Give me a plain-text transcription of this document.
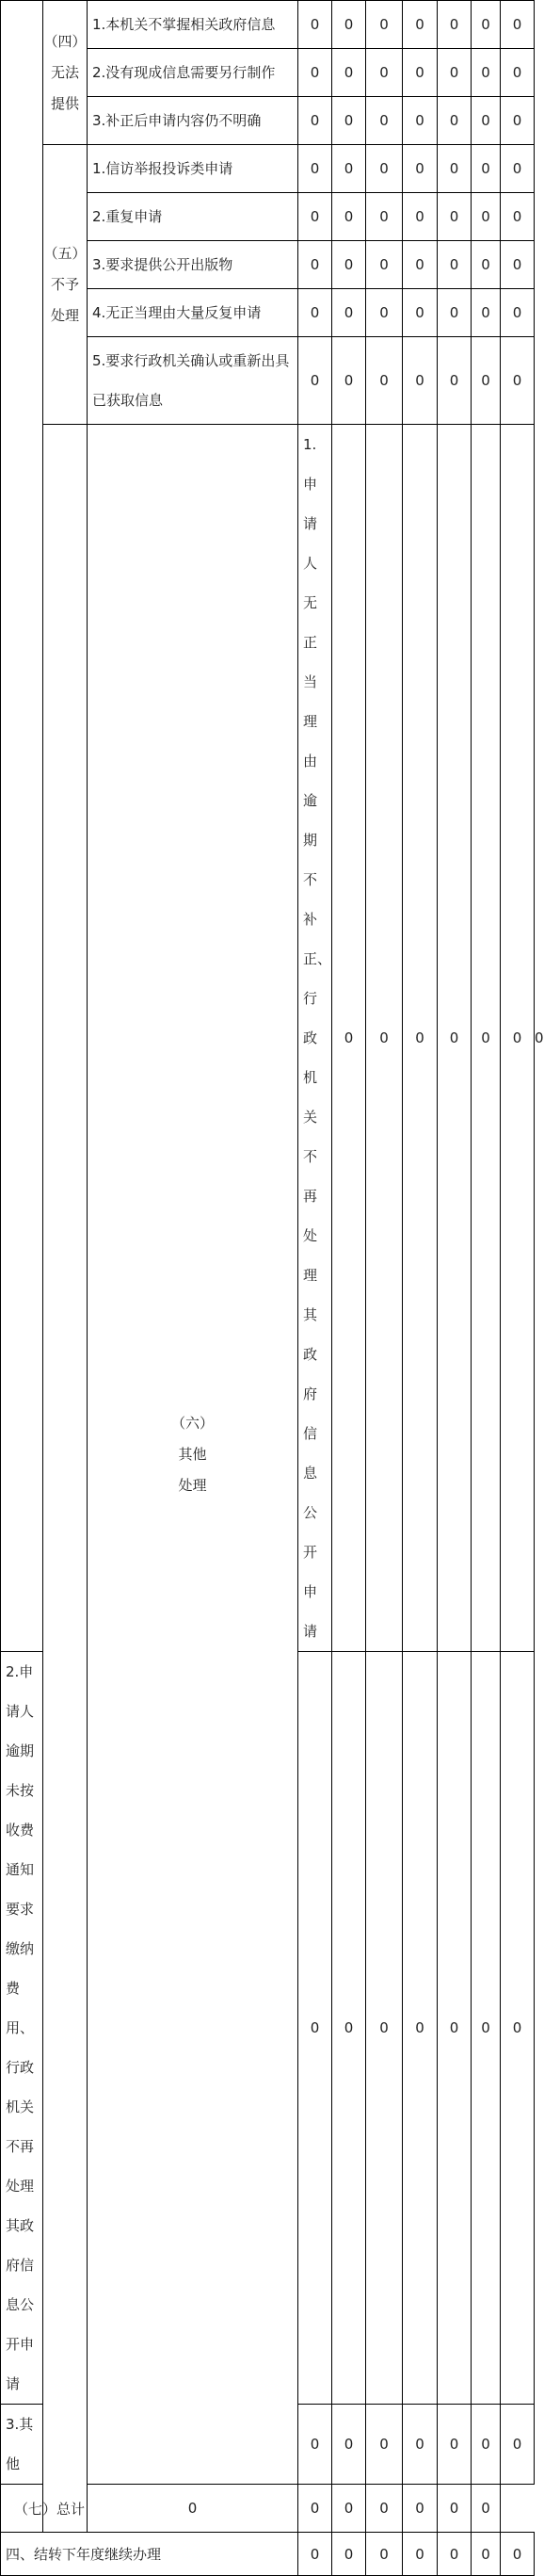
	（四）
无法
提供	1.本机关不掌握相关政府信息	0	0	0	0	0	0	0	
		2.没有现成信息需要另行制作	0	0	0	0	0	0	0	
		3.补正后申请内容仍不明确	0	0	0	0	0	0	0	

	（五）
不予
处理	1.信访举报投诉类申请	0	0	0	0	0	0	0	
		2.重复申请	0	0	0	0	0	0	0	
		3.要求提供公开出版物	0	0	0	0	0	0	0	
		4.无正当理由大量反复申请	0	0	0	0	0	0	0	
		5.要求行政机关确认或重新出具已获取信息	0	0	0	0	0	0	0	

		（六）
其他
处理	1.申请人无正当理由逾期不补正、行政机关不再处理其政府信息公开申请	0	0	0	0	0	0	0
2.申请人逾期未按收费通知要求缴纳费用、行政机关不再处理其政府信息公开申请			0	0	0	0	0	0	0	
3.其他			0	0	0	0	0	0	0	
（七）总计		0	0	0	0	0	0	0		
四、结转下年度继续办理			0	0	0	0	0	0	0	
